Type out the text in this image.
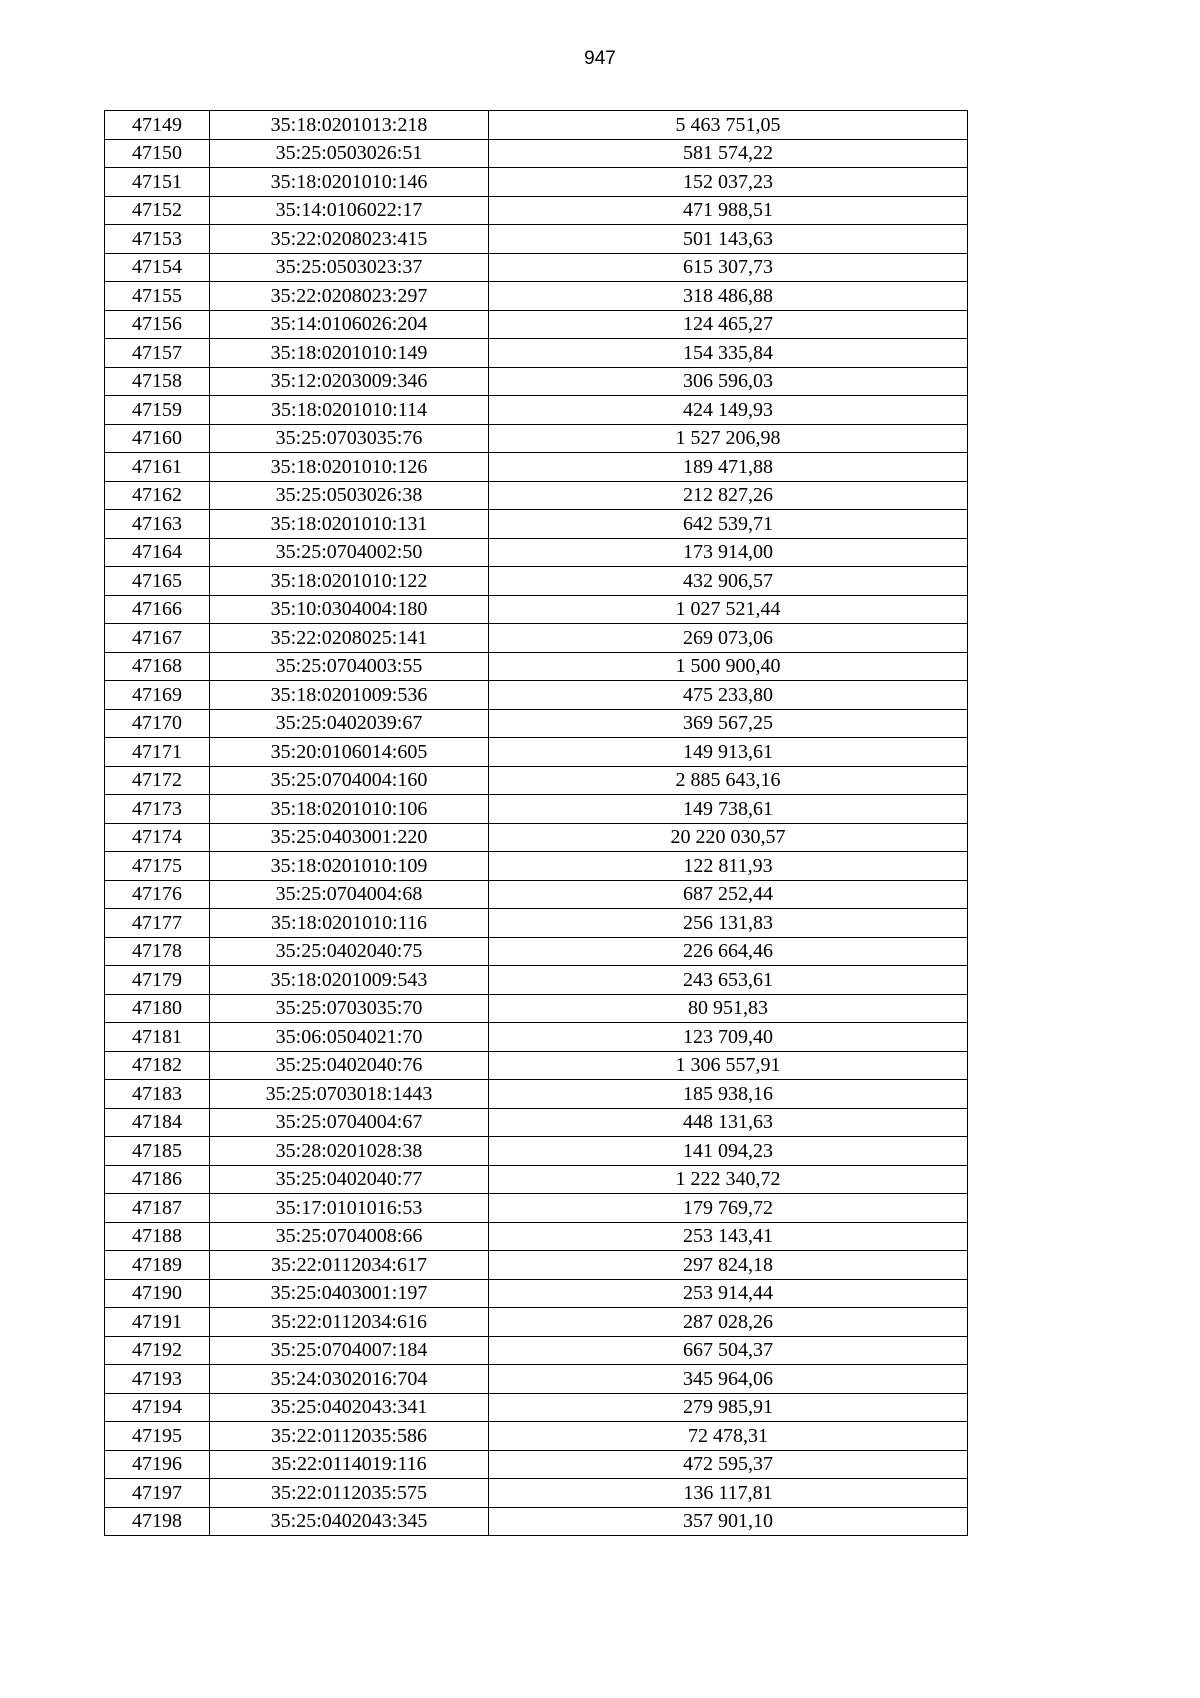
947
47149	35:18:0201013:218	5 463 751,05
47150	35:25:0503026:51	581 574,22
47151	35:18:0201010:146	152 037,23
47152	35:14:0106022:17	471 988,51
47153	35:22:0208023:415	501 143,63
47154	35:25:0503023:37	615 307,73
47155	35:22:0208023:297	318 486,88
47156	35:14:0106026:204	124 465,27
47157	35:18:0201010:149	154 335,84
47158	35:12:0203009:346	306 596,03
47159	35:18:0201010:114	424 149,93
47160	35:25:0703035:76	1 527 206,98
47161	35:18:0201010:126	189 471,88
47162	35:25:0503026:38	212 827,26
47163	35:18:0201010:131	642 539,71
47164	35:25:0704002:50	173 914,00
47165	35:18:0201010:122	432 906,57
47166	35:10:0304004:180	1 027 521,44
47167	35:22:0208025:141	269 073,06
47168	35:25:0704003:55	1 500 900,40
47169	35:18:0201009:536	475 233,80
47170	35:25:0402039:67	369 567,25
47171	35:20:0106014:605	149 913,61
47172	35:25:0704004:160	2 885 643,16
47173	35:18:0201010:106	149 738,61
47174	35:25:0403001:220	20 220 030,57
47175	35:18:0201010:109	122 811,93
47176	35:25:0704004:68	687 252,44
47177	35:18:0201010:116	256 131,83
47178	35:25:0402040:75	226 664,46
47179	35:18:0201009:543	243 653,61
47180	35:25:0703035:70	80 951,83
47181	35:06:0504021:70	123 709,40
47182	35:25:0402040:76	1 306 557,91
47183	35:25:0703018:1443	185 938,16
47184	35:25:0704004:67	448 131,63
47185	35:28:0201028:38	141 094,23
47186	35:25:0402040:77	1 222 340,72
47187	35:17:0101016:53	179 769,72
47188	35:25:0704008:66	253 143,41
47189	35:22:0112034:617	297 824,18
47190	35:25:0403001:197	253 914,44
47191	35:22:0112034:616	287 028,26
47192	35:25:0704007:184	667 504,37
47193	35:24:0302016:704	345 964,06
47194	35:25:0402043:341	279 985,91
47195	35:22:0112035:586	72 478,31
47196	35:22:0114019:116	472 595,37
47197	35:22:0112035:575	136 117,81
47198	35:25:0402043:345	357 901,10
